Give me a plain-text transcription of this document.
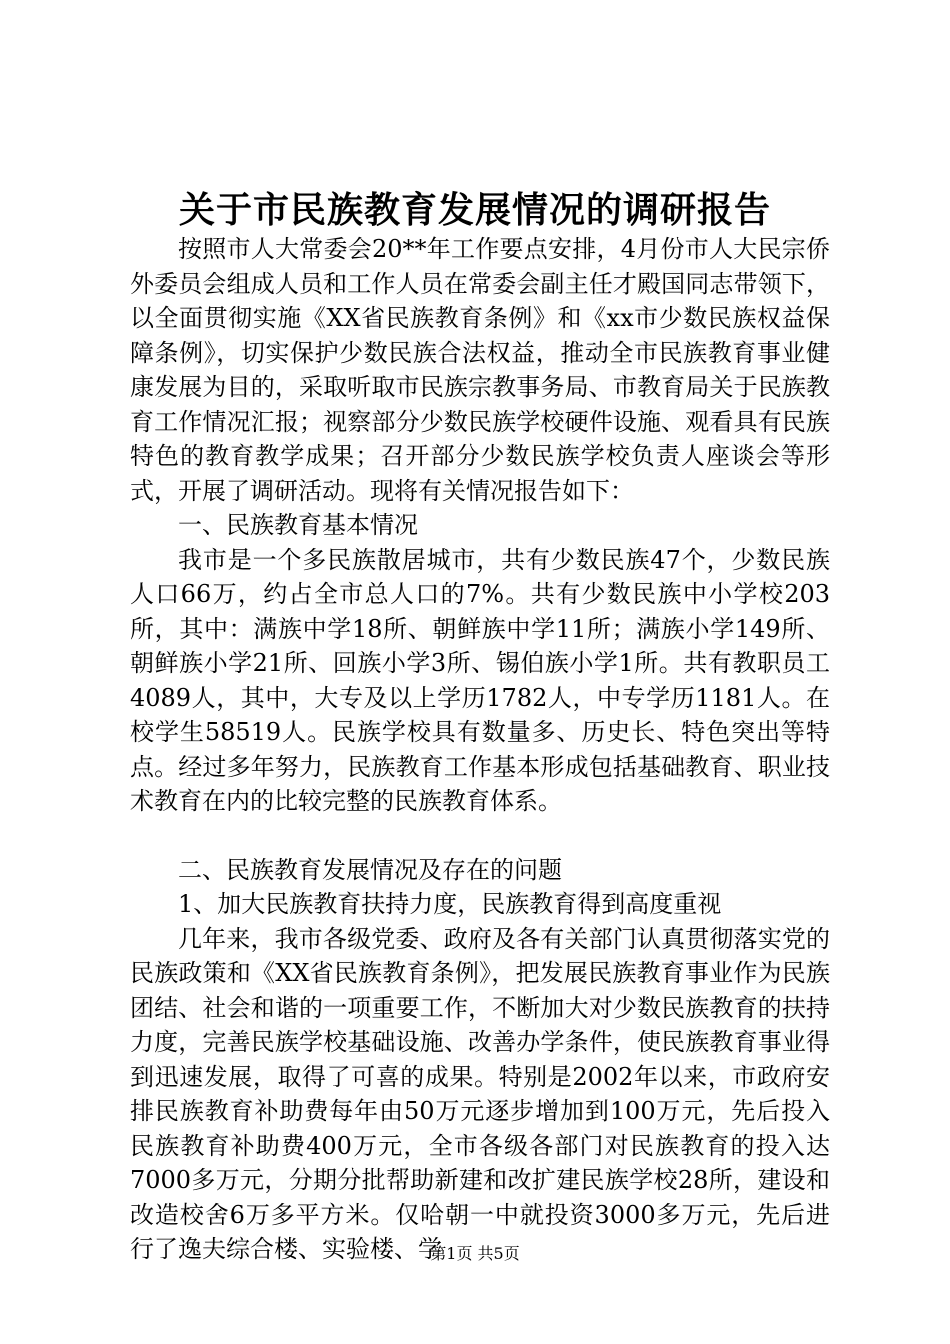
关于市民族教育发展情况的调研报告

按照市人大常委会20**年工作要点安排，4月份市人大民宗侨外委员会组成人员和工作人员在常委会副主任才殿国同志带领下，以全面贯彻实施《XX省民族教育条例》和《xx市少数民族权益保障条例》，切实保护少数民族合法权益，推动全市民族教育事业健康发展为目的，采取听取市民族宗教事务局、市教育局关于民族教育工作情况汇报；视察部分少数民族学校硬件设施、观看具有民族特色的教育教学成果；召开部分少数民族学校负责人座谈会等形式，开展了调研活动。现将有关情况报告如下：

一、民族教育基本情况

我市是一个多民族散居城市，共有少数民族47个，少数民族人口66万，约占全市总人口的7%。共有少数民族中小学校203所，其中：满族中学18所、朝鲜族中学11所；满族小学149所、朝鲜族小学21所、回族小学3所、锡伯族小学1所。共有教职员工4089人，其中，大专及以上学历1782人，中专学历1181人。在校学生58519人。民族学校具有数量多、历史长、特色突出等特点。经过多年努力，民族教育工作基本形成包括基础教育、职业技术教育在内的比较完整的民族教育体系。

二、民族教育发展情况及存在的问题

1、加大民族教育扶持力度，民族教育得到高度重视

几年来，我市各级党委、政府及各有关部门认真贯彻落实党的民族政策和《XX省民族教育条例》，把发展民族教育事业作为民族团结、社会和谐的一项重要工作，不断加大对少数民族教育的扶持力度，完善民族学校基础设施、改善办学条件，使民族教育事业得到迅速发展，取得了可喜的成果。特别是2002年以来，市政府安排民族教育补助费每年由50万元逐步增加到100万元，先后投入民族教育补助费400万元，全市各级各部门对民族教育的投入达7000多万元，分期分批帮助新建和改扩建民族学校28所，建设和改造校舍6万多平方米。仅哈朝一中就投资3000多万元，先后进行了逸夫综合楼、实验楼、学

第1页 共5页
